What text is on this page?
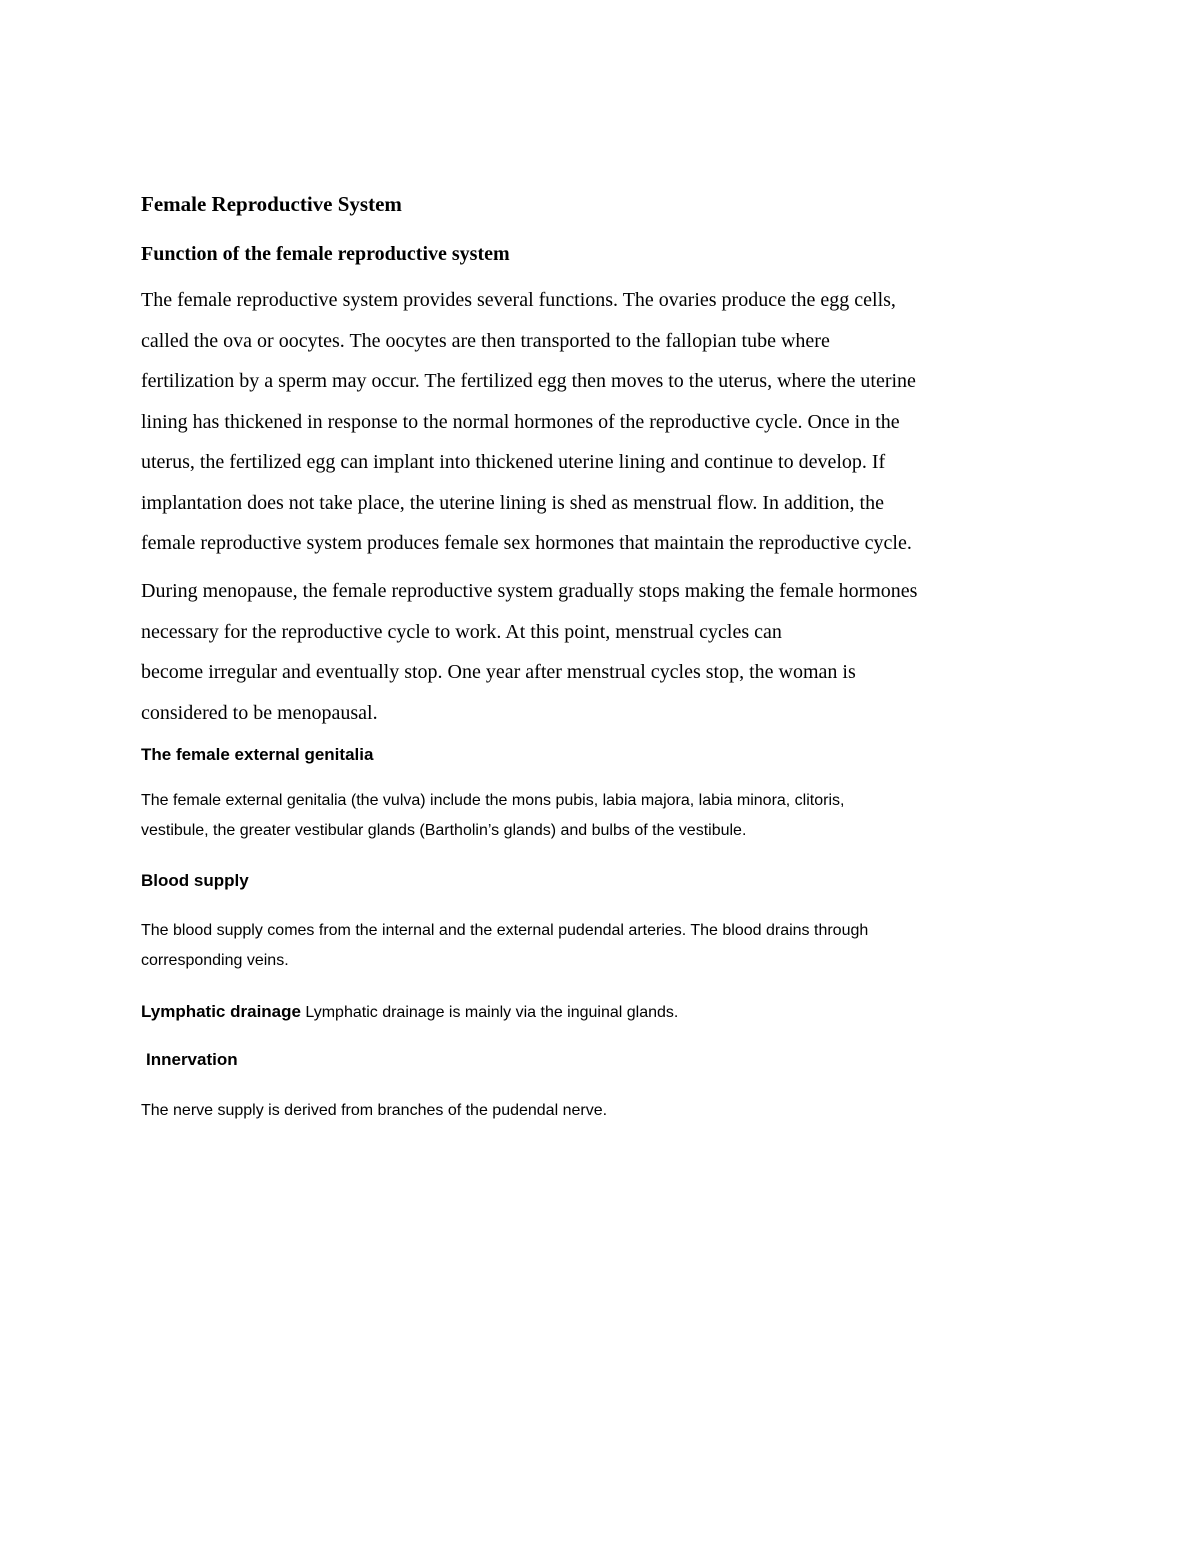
Female Reproductive System
Function of the female reproductive system
The female reproductive system provides several functions. The ovaries produce the egg cells,
called the ova or oocytes. The oocytes are then transported to the fallopian tube where
fertilization by a sperm may occur. The fertilized egg then moves to the uterus, where the uterine
lining has thickened in response to the normal hormones of the reproductive cycle. Once in the
uterus, the fertilized egg can implant into thickened uterine lining and continue to develop. If
implantation does not take place, the uterine lining is shed as menstrual flow. In addition, the
female reproductive system produces female sex hormones that maintain the reproductive cycle.
During menopause, the female reproductive system gradually stops making the female hormones
necessary for the reproductive cycle to work. At this point, menstrual cycles can
become irregular and eventually stop. One year after menstrual cycles stop, the woman is
considered to be menopausal.
The female external genitalia
The female external genitalia (the vulva) include the mons pubis, labia majora, labia minora, clitoris,
vestibule, the greater vestibular glands (Bartholin’s glands) and bulbs of the vestibule.
Blood supply
The blood supply comes from the internal and the external pudendal arteries. The blood drains through
corresponding veins.

Lymphatic drainage Lymphatic drainage is mainly via the inguinal glands.

Innervation

The nerve supply is derived from branches of the pudendal nerve.
